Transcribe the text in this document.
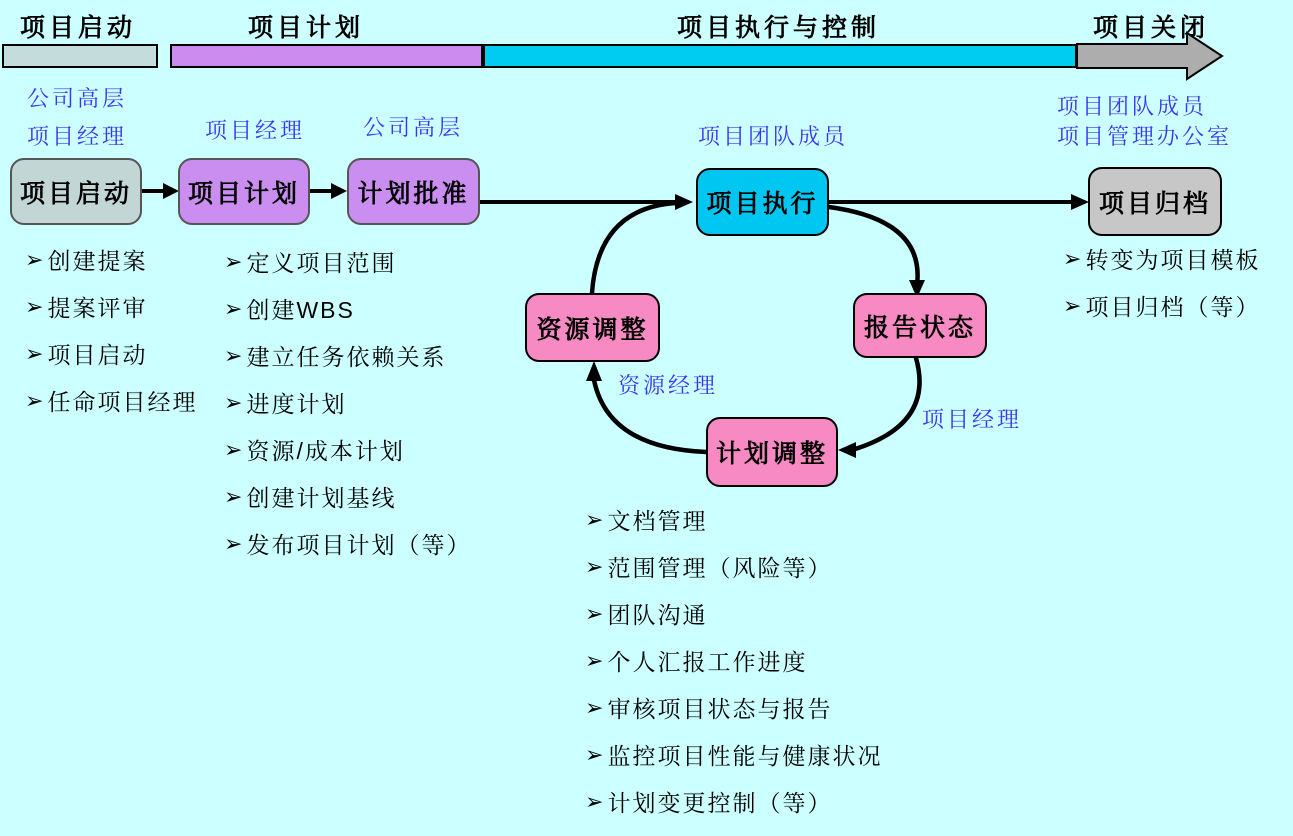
项目启动	项目计划	项目执行与控制	项目关闭
公司高层
项目经理	项目经理	公司高层	项目团队成员
项目团队成员
项目管理办公室
资源经理
项目经理
项目启动	项目计划	计划批准	项目执行	项目归档
资源调整	报告状态
计划调整
➢ 创建提案
➢ 提案评审
➢ 项目启动
➢ 任命项目经理
➢ 定义项目范围
➢ 创建WBS
➢ 建立任务依赖关系
➢ 进度计划
➢ 资源/成本计划
➢ 创建计划基线
➢ 发布项目计划（等）
➢ 文档管理
➢ 范围管理（风险等）
➢ 团队沟通
➢ 个人汇报工作进度
➢ 审核项目状态与报告
➢ 监控项目性能与健康状况
➢ 计划变更控制（等）
➢ 转变为项目模板
➢ 项目归档（等）
